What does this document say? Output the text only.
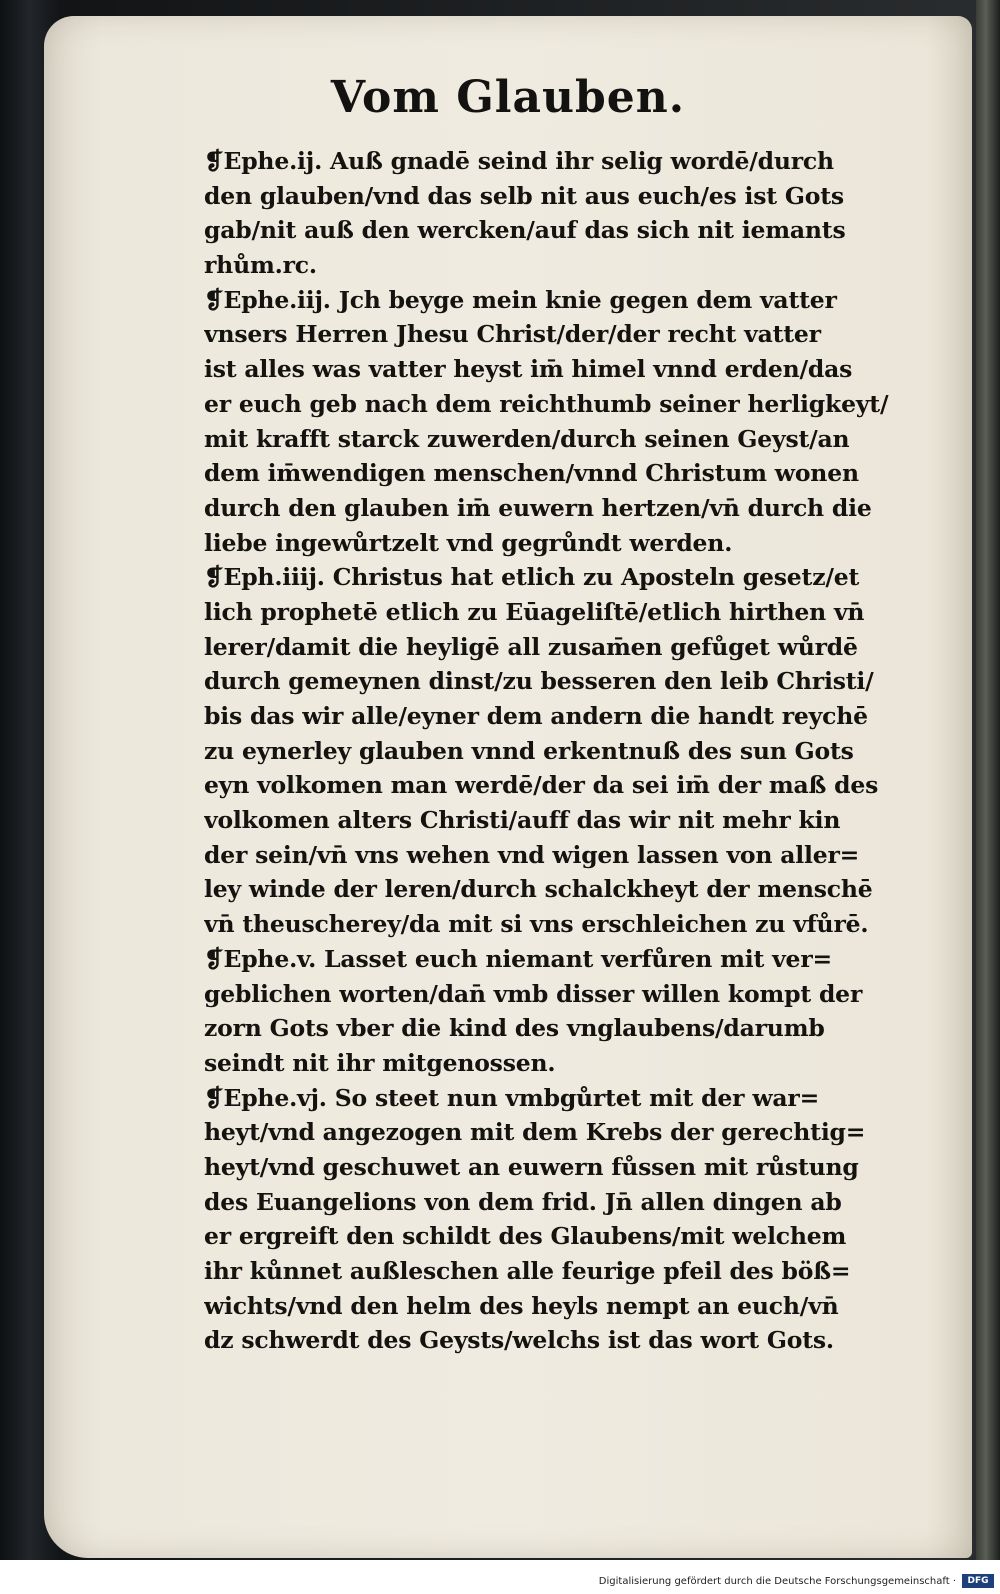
Vom Glauben.
❡Ephe.ij. Auß gnadē seind ihr selig wordē/durch
den glauben/vnd das selb nit aus euch/es ist Gots
gab/nit auß den wercken/auf das sich nit iemants
rhům.rc.
❡Ephe.iij. Jch beyge mein knie gegen dem vatter
vnsers Herren Jhesu Christ/der/der recht vatter
ist alles was vatter heyst im̄ himel vnnd erden/das
er euch geb nach dem reichthumb seiner herligkeyt/
mit krafft starck zuwerden/durch seinen Geyst/an
dem im̄wendigen menschen/vnnd Christum wonen
durch den glauben im̄ euwern hertzen/vn̄ durch die
liebe ingewůrtzelt vnd gegrůndt werden.
❡Eph.iiij. Christus hat etlich zu Aposteln gesetz/et
lich prophetē etlich zu Eūageliſtē/etlich hirthen vn̄
lerer/damit die heyligē all zusam̄en gefůget wůrdē
durch gemeynen dinst/zu besseren den leib Christi/
bis das wir alle/eyner dem andern die handt reychē
zu eynerley glauben vnnd erkentnuß des sun Gots
eyn volkomen man werdē/der da sei im̄ der maß des
volkomen alters Christi/auff das wir nit mehr kin
der sein/vn̄ vns wehen vnd wigen lassen von aller=
ley winde der leren/durch schalckheyt der menschē
vn̄ theuscherey/da mit si vns erschleichen zu vfůrē.
❡Ephe.v. Lasset euch niemant verfůren mit ver=
geblichen worten/dan̄ vmb disser willen kompt der
zorn Gots vber die kind des vnglaubens/darumb
seindt nit ihr mitgenossen.
❡Ephe.vj. So steet nun vmbgůrtet mit der war=
heyt/vnd angezogen mit dem Krebs der gerechtig=
heyt/vnd geschuwet an euwern fůssen mit růstung
des Euangelions von dem frid. Jn̄ allen dingen ab
er ergreift den schildt des Glaubens/mit welchem
ihr kůnnet außleschen alle feurige pfeil des böß=
wichts/vnd den helm des heyls nempt an euch/vn̄
dz schwerdt des Geysts/welchs ist das wort Gots.
Digitalisierung gefördert durch die Deutsche Forschungsgemeinschaft ·	DFG
